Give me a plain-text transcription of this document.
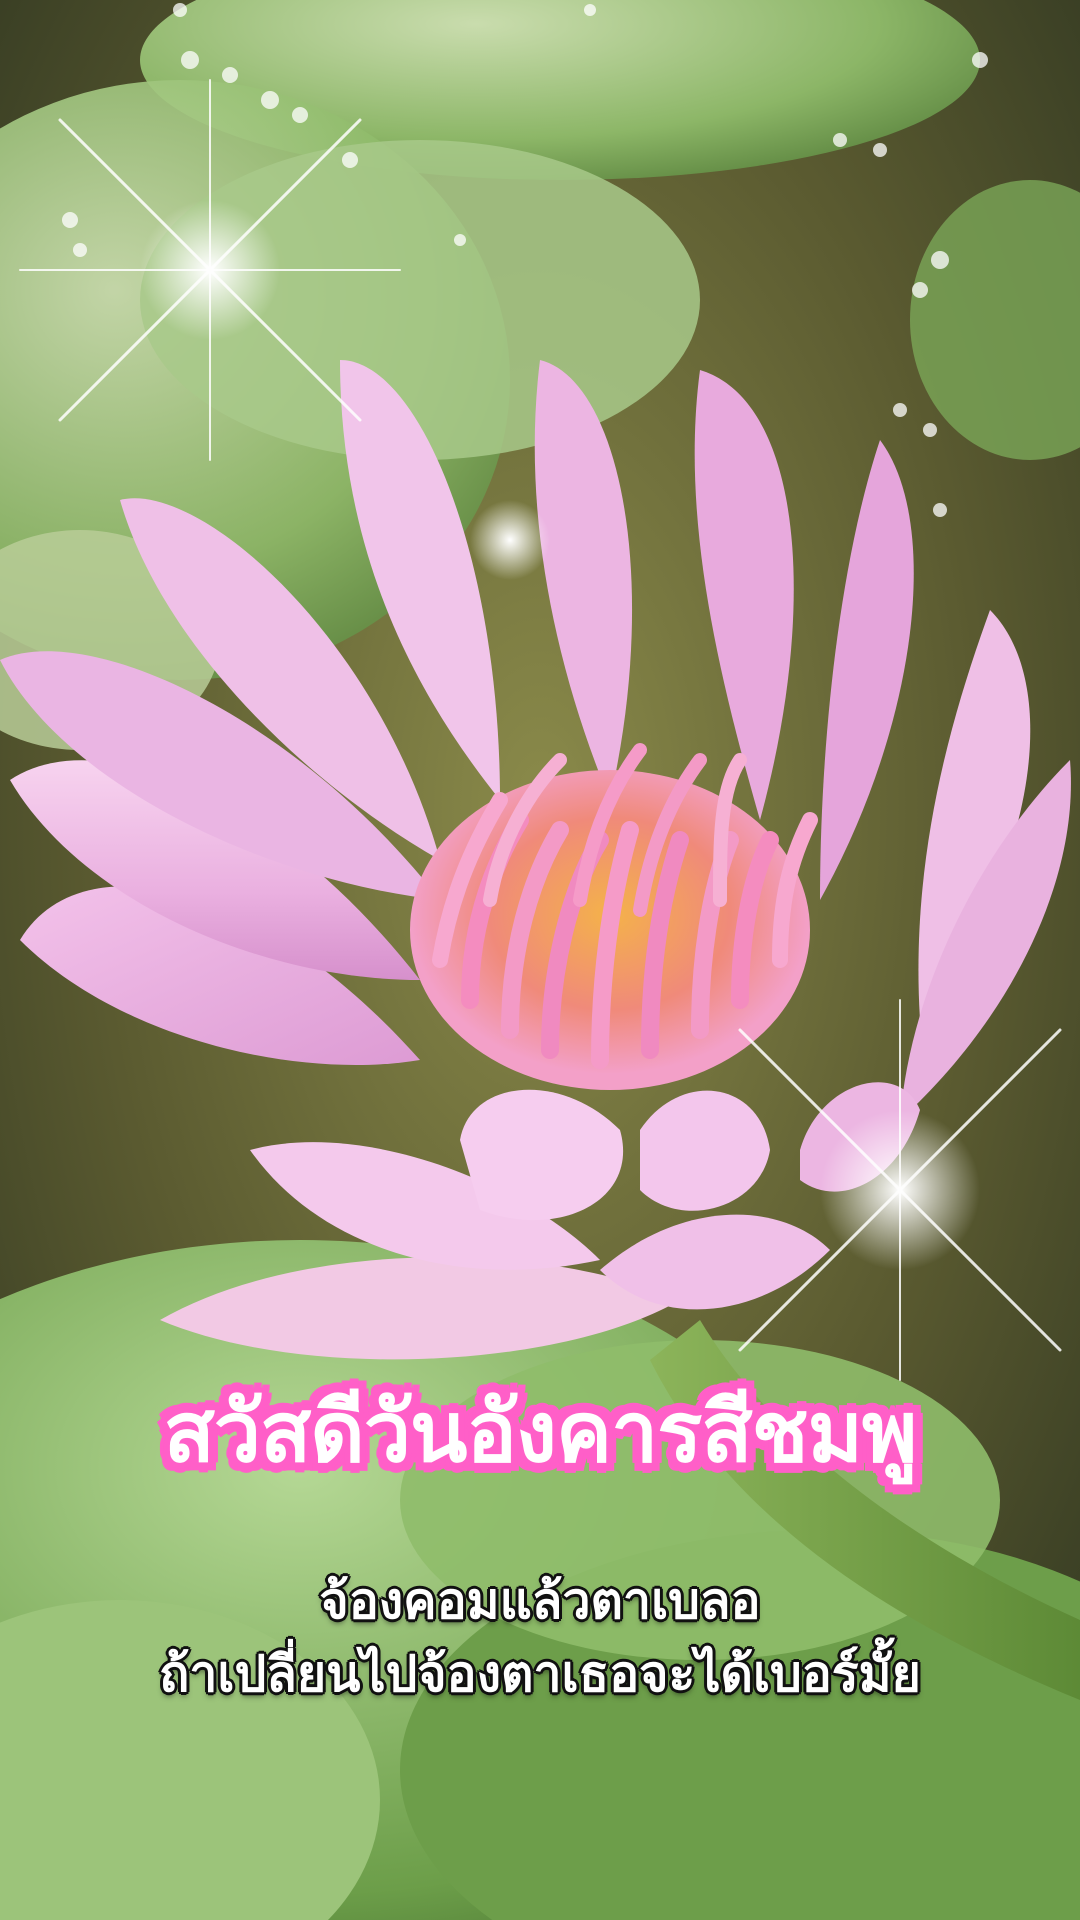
สวัสดีวันอังคารสีชมพู
จ้องคอมแล้วตาเบลอ
ถ้าเปลี่ยนไปจ้องตาเธอจะได้เบอร์มั้ย
